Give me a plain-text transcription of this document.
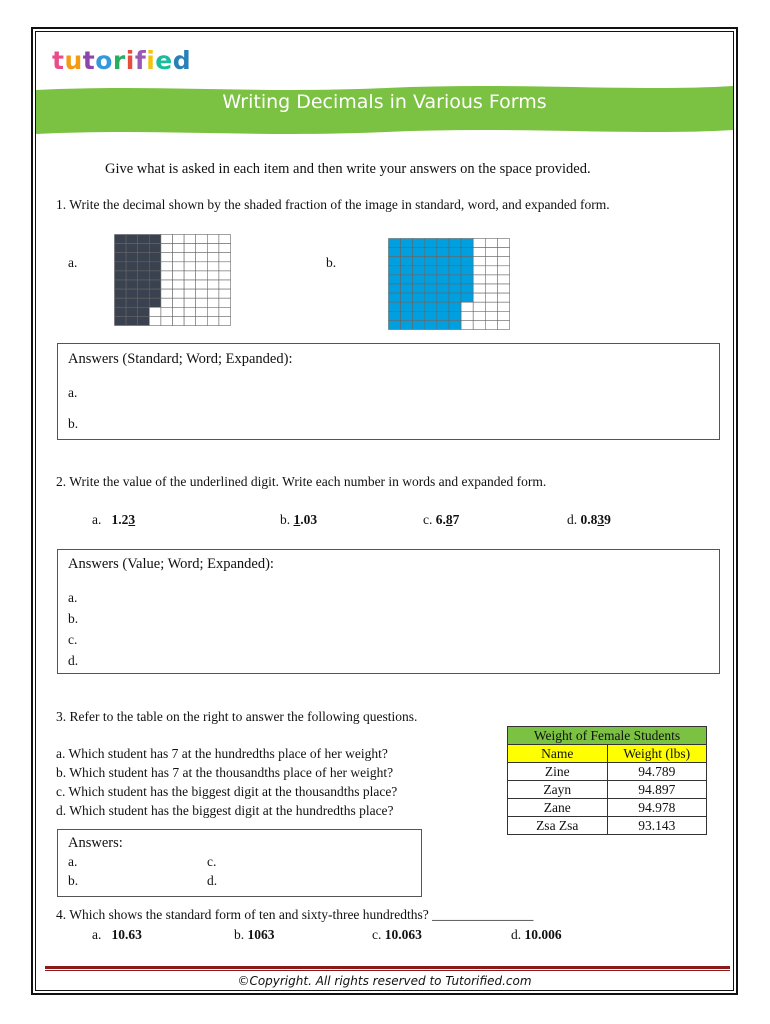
tutorified
Writing Decimals in Various Forms
Give what is asked in each item and then write your answers on the space provided.
1. Write the decimal shown by the shaded fraction of the image in standard, word, and expanded form.
a.	b.
Answers (Standard; Word; Expanded):
a.
b.
2. Write the value of the underlined digit. Write each number in words and expanded form.
a. 1.23	b. 1.03	c. 6.87	d. 0.839
Answers (Value; Word; Expanded):
a.
b.
c.
d.
3. Refer to the table on the right to answer the following questions.
a. Which student has 7 at the hundredths place of her weight?
b. Which student has 7 at the thousandths place of her weight?
c. Which student has the biggest digit at the thousandths place?
d. Which student has the biggest digit at the hundredths place?
Weight of Female Students	
Name	Weight (lbs)
Zine	94.789
Zayn	94.897
Zane	94.978
Zsa Zsa	93.143
Answers:
a.	c.
b.	d.
4. Which shows the standard form of ten and sixty-three hundredths? _______________
a. 10.63	b. 1063	c. 10.063	d. 10.006
©Copyright. All rights reserved to Tutorified.com
